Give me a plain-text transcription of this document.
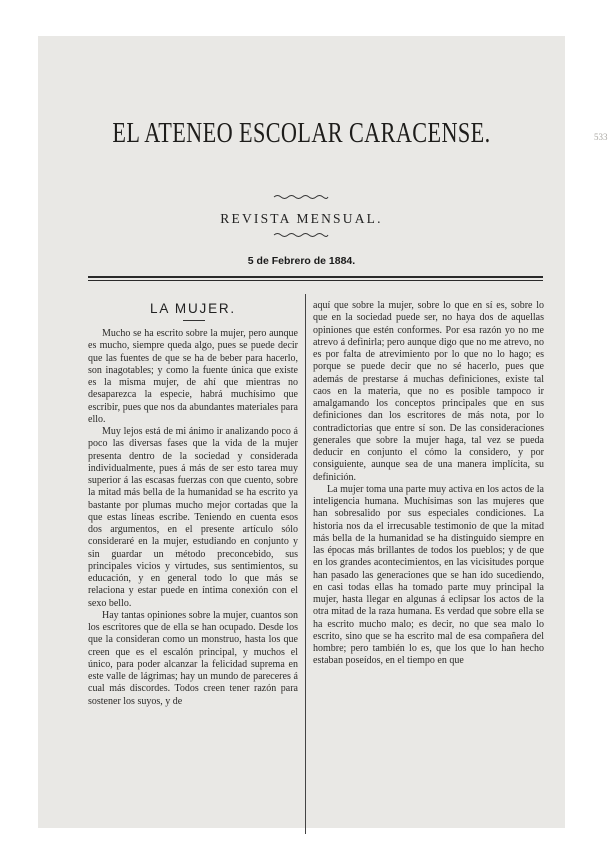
533
EL ATENEO ESCOLAR CARACENSE.
REVISTA MENSUAL.
5 de Febrero de 1884.
LA MUJER.

Mucho se ha escrito sobre la mujer, pero aunque es mucho, siempre queda algo, pues se puede decir que las fuentes de que se ha de beber para hacerlo, son inagotables; y como la fuente única que existe es la misma mujer, de ahí que mientras no desaparezca la especie, habrá muchísimo que escribir, pues que nos da abundantes materiales para ello.

Muy lejos está de mi ánimo ir analizando poco á poco las diversas fases que la vida de la mujer presenta dentro de la sociedad y considerada individualmente, pues á más de ser esto tarea muy superior á las escasas fuerzas con que cuento, sobre la mitad más bella de la humanidad se ha escrito ya bastante por plumas mucho mejor cortadas que la que estas líneas escribe. Teniendo en cuenta esos dos argumentos, en el presente artículo sólo consideraré en la mujer, estudiando en conjunto y sin guardar un método preconcebido, sus principales vicios y virtudes, sus sentimientos, su educación, y en general todo lo que más se relaciona y estar puede en íntima conexión con el sexo bello.

Hay tantas opiniones sobre la mujer, cuantos son los escritores que de ella se han ocupado. Desde los que la consideran como un monstruo, hasta los que creen que es el escalón principal, y muchos el único, para poder alcanzar la felicidad suprema en este valle de lágrimas; hay un mundo de pareceres á cual más discordes. Todos creen tener razón para sostener los suyos, y de

aquí que sobre la mujer, sobre lo que en sí es, sobre lo que en la sociedad puede ser, no haya dos de aquellas opiniones que estén conformes. Por esa razón yo no me atrevo á definirla; pero aunque digo que no me atrevo, no es por falta de atrevimiento por lo que no lo hago; es porque se puede decir que no sé hacerlo, pues que además de prestarse á muchas definiciones, existe tal caos en la materia, que no es posible tampoco ir amalgamando los conceptos principales que en sus definiciones dan los escritores de más nota, por lo contradictorias que entre sí son. De las consideraciones generales que sobre la mujer haga, tal vez se pueda deducir en conjunto el cómo la considero, y por consiguiente, aunque sea de una manera implícita, su definición.

La mujer toma una parte muy activa en los actos de la inteligencia humana. Muchísimas son las mujeres que han sobresalido por sus especiales condiciones. La historia nos da el irrecusable testimonio de que la mitad más bella de la humanidad se ha distinguido siempre en las épocas más brillantes de todos los pueblos; y de que en los grandes acontecimientos, en las vicisitudes porque han pasado las generaciones que se han ido sucediendo, en casi todas ellas ha tomado parte muy principal la mujer, hasta llegar en algunas á eclipsar los actos de la otra mitad de la raza humana. Es verdad que sobre ella se ha escrito mucho malo; es decir, no que sea malo lo escrito, sino que se ha escrito mal de esa compañera del hombre; pero también lo es, que los que lo han hecho estaban poseídos, en el tiempo en que
